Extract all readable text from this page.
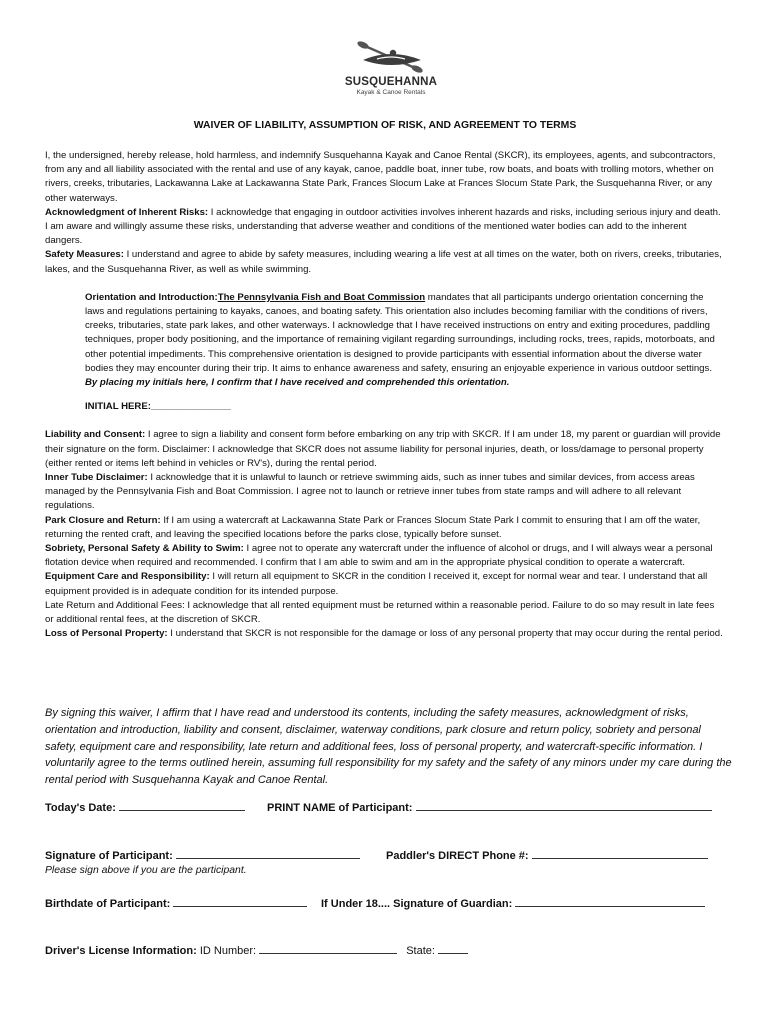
SUSQUEHANNA
Kayak & Canoe Rentals
WAIVER OF LIABILITY, ASSUMPTION OF RISK, AND AGREEMENT TO TERMS

I, the undersigned, hereby release, hold harmless, and indemnify Susquehanna Kayak and Canoe Rental (SKCR), its employees, agents, and subcontractors, from any and all liability associated with the rental and use of any kayak, canoe, paddle boat, inner tube, row boats, and boats with trolling motors, whether on rivers, creeks, tributaries, Lackawanna Lake at Lackawanna State Park, Frances Slocum Lake at Frances Slocum State Park, the Susquehanna River, or any other waterways.

Acknowledgment of Inherent Risks: I acknowledge that engaging in outdoor activities involves inherent hazards and risks, including serious injury and death. I am aware and willingly assume these risks, understanding that adverse weather and conditions of the mentioned water bodies can add to the inherent dangers.

Safety Measures: I understand and agree to abide by safety measures, including wearing a life vest at all times on the water, both on rivers, creeks, tributaries, lakes, and the Susquehanna River, as well as while swimming.

Orientation and Introduction:The Pennsylvania Fish and Boat Commission mandates that all participants undergo orientation concerning the laws and regulations pertaining to kayaks, canoes, and boating safety. This orientation also includes becoming familiar with the conditions of rivers, creeks, tributaries, state park lakes, and other waterways. I acknowledge that I have received instructions on entry and exiting procedures, paddling techniques, proper body positioning, and the importance of remaining vigilant regarding surroundings, including rocks, trees, rapids, motorboats, and other potential impediments. This comprehensive orientation is designed to provide participants with essential information about the diverse water bodies they may encounter during their trip. It aims to enhance awareness and safety, ensuring an enjoyable experience in various outdoor settings. By placing my initials here, I confirm that I have received and comprehended this orientation.

INITIAL HERE:_______________

Liability and Consent: I agree to sign a liability and consent form before embarking on any trip with SKCR. If I am under 18, my parent or guardian will provide their signature on the form. Disclaimer: I acknowledge that SKCR does not assume liability for personal injuries, death, or loss/damage to personal property (either rented or items left behind in vehicles or RV's), during the rental period.

Inner Tube Disclaimer: I acknowledge that it is unlawful to launch or retrieve swimming aids, such as inner tubes and similar devices, from access areas managed by the Pennsylvania Fish and Boat Commission. I agree not to launch or retrieve inner tubes from state ramps and will adhere to all relevant regulations.

Park Closure and Return: If I am using a watercraft at Lackawanna State Park or Frances Slocum State Park I commit to ensuring that I am off the water, returning the rented craft, and leaving the specified locations before the parks close, typically before sunset.

Sobriety, Personal Safety & Ability to Swim: I agree not to operate any watercraft under the influence of alcohol or drugs, and I will always wear a personal flotation device when required and recommended. I confirm that I am able to swim and am in the appropriate physical condition to operate a watercraft.

Equipment Care and Responsibility: I will return all equipment to SKCR in the condition I received it, except for normal wear and tear. I understand that all equipment provided is in adequate condition for its intended purpose.

Late Return and Additional Fees: I acknowledge that all rented equipment must be returned within a reasonable period. Failure to do so may result in late fees or additional rental fees, at the discretion of SKCR.

Loss of Personal Property: I understand that SKCR is not responsible for the damage or loss of any personal property that may occur during the rental period.

By signing this waiver, I affirm that I have read and understood its contents, including the safety measures, acknowledgment of risks, orientation and introduction, liability and consent, disclaimer, waterway conditions, park closure and return policy, sobriety and personal safety, equipment care and responsibility, late return and additional fees, loss of personal property, and watercraft-specific information. I voluntarily agree to the terms outlined herein, assuming full responsibility for my safety and the safety of any minors under my care during the rental period with Susquehanna Kayak and Canoe Rental.
Today's Date:	PRINT NAME of Participant:
Signature of Participant:	Paddler's DIRECT Phone #:
Please sign above if you are the participant.
Birthdate of Participant:	If Under 18.... Signature of Guardian:
Driver's License Information: ID Number:	State:
